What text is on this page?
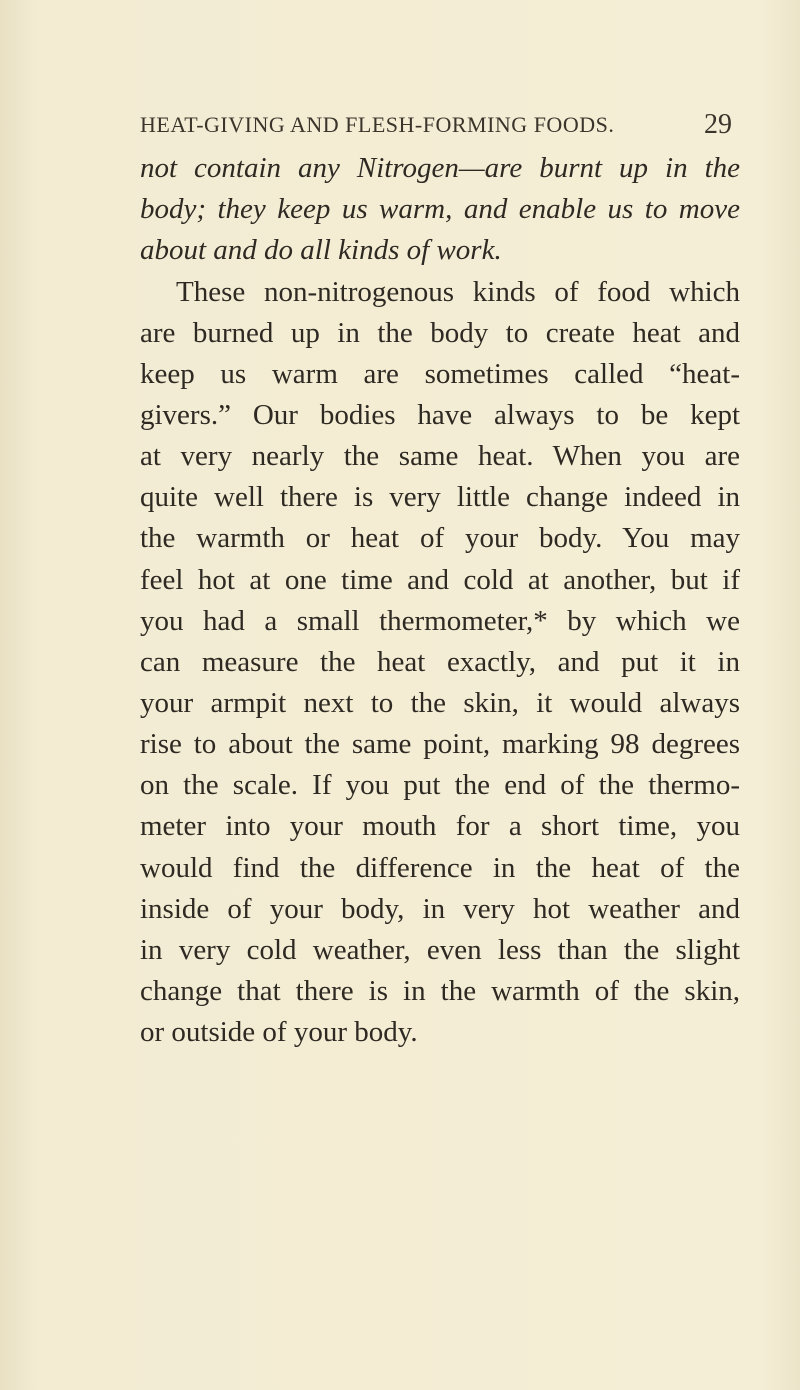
HEAT-GIVING AND FLESH-FORMING FOODS.	29
not contain any Nitrogen—are burnt up in the
body; they keep us warm, and enable us to move
about and do all kinds of work.
These non-nitrogenous kinds of food which
are burned up in the body to create heat and
keep us warm are sometimes called “heat-
givers.” Our bodies have always to be kept
at very nearly the same heat. When you are
quite well there is very little change indeed in
the warmth or heat of your body. You may
feel hot at one time and cold at another, but if
you had a small thermometer,* by which we
can measure the heat exactly, and put it in
your armpit next to the skin, it would always
rise to about the same point, marking 98 degrees
on the scale. If you put the end of the thermo-
meter into your mouth for a short time, you
would find the difference in the heat of the
inside of your body, in very hot weather and
in very cold weather, even less than the slight
change that there is in the warmth of the skin,
or outside of your body.
